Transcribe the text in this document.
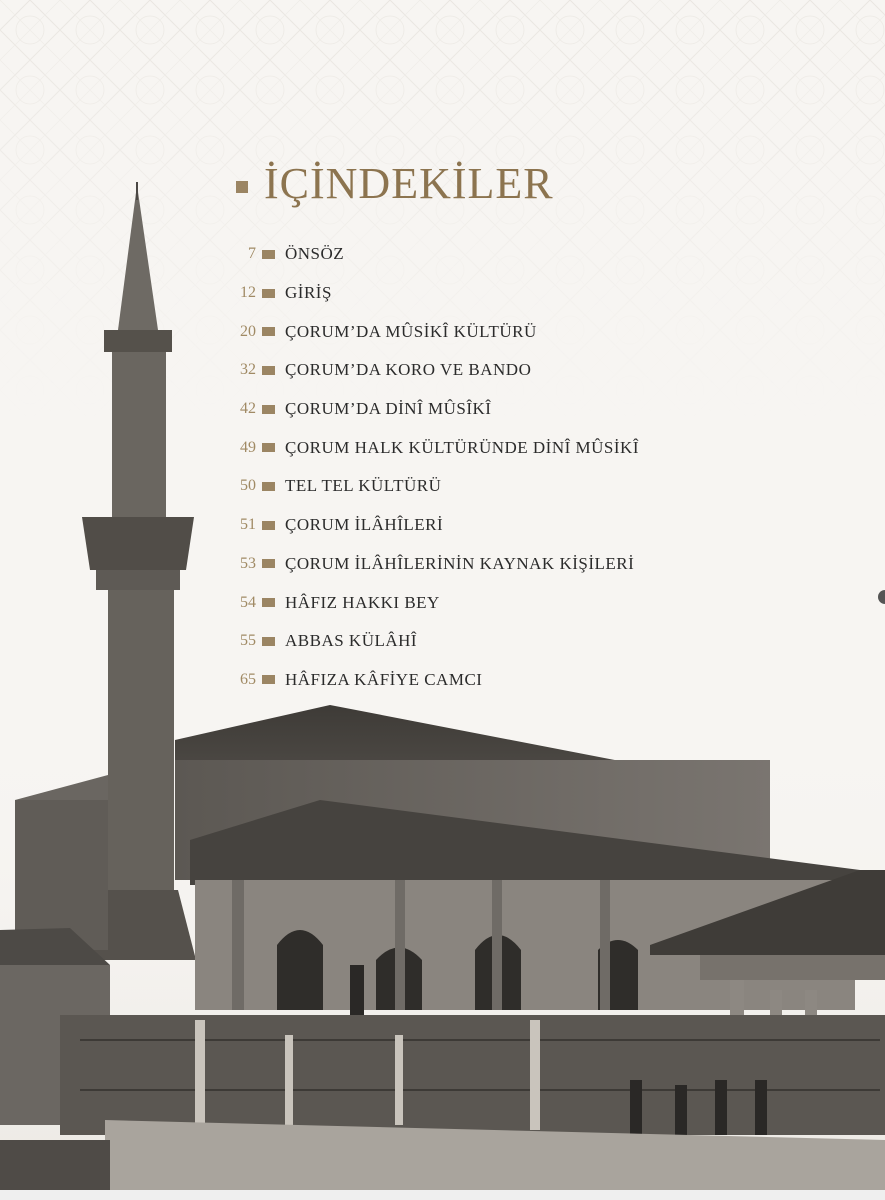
İÇİNDEKİLER
7 ÖNSÖZ
12 GİRİŞ
20 ÇORUM’DA MÛSİKÎ KÜLTÜRÜ
32 ÇORUM’DA KORO VE BANDO
42 ÇORUM’DA DİNÎ MÛSÎKÎ
49 ÇORUM HALK KÜLTÜRÜNDE DİNÎ MÛSİKÎ
50 TEL TEL KÜLTÜRÜ
51 ÇORUM İLÂHÎLERİ
53 ÇORUM İLÂHÎLERİNİN KAYNAK KİŞİLERİ
54 HÂFIZ HAKKI BEY
55 ABBAS KÜLÂHÎ
65 HÂFIZA KÂFİYE CAMCI
